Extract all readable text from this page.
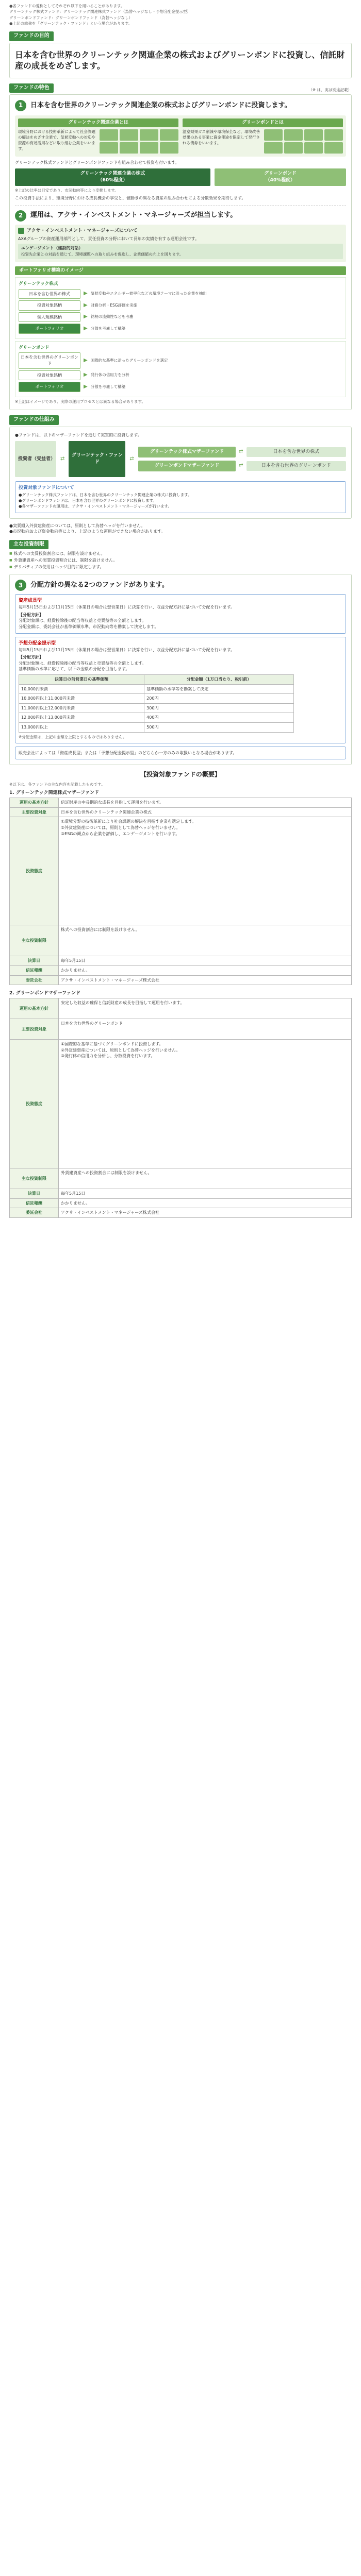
●各ファンドの愛称としてそれぞれ以下を用いることがあります。
グリーンテック株式ファンド：グリーンテック関連株式ファンド（為替ヘッジなし・予想分配金提示型）
グリーンボンドファンド：グリーンボンドファンド（為替ヘッジなし）
●上記の総称を「グリーンテック・ファンド」という場合があります。
ファンドの目的
日本を含む世界のクリーンテック関連企業の株式およびグリーンボンドに投資し、信託財産の成長をめざします。
ファンドの特色	（※ は、実は別途記載）
1	日本を含む世界のクリーンテック関連企業の株式およびグリーンボンドに投資します。
グリーンテック関連企業とは
環境分野における技術革新によって社会課題の解決をめざす企業で、気候変動への対応や資源の有効活用などに取り組む企業をいいます。
グリーンボンドとは
温室効果ガス削減や環境保全など、環境改善効果のある事業に資金使途を限定して発行される債券をいいます。
グリーンテック株式ファンドとグリーンボンドファンドを組み合わせて投資を行います。
グリーンテック関連企業の株式
（60%程度）
グリーンボンド
（40%程度）
※上記の比率は目安であり、市況動向等により変動します。
この投資手法により、環境分野における成長機会の享受と、値動きの異なる資産の組み合わせによる分散効果を期待します。
2	運用は、アクサ・インベストメント・マネージャーズが担当します。
アクサ・インベストメント・マネージャーズについて
AXAグループの資産運用部門として、責任投資の分野において長年の実績を有する運用会社です。
エンゲージメント（建設的対話）
投資先企業との対話を通じて、環境課題への取り組みを促進し、企業価値の向上を図ります。
ポートフォリオ構築のイメージ
グリーンテック株式
日本を含む世界の株式	▶ 気候変動やエネルギー効率化などの環境テーマに沿った企業を抽出
投資対象銘柄	▶ 財務分析・ESG評価を実施
個人規模銘柄	▶ 銘柄の流動性などを考慮
ポートフォリオ	▶ 分散を考慮して構築
グリーンボンド
日本を含む世界のグリーンボンド
▶ 国際的な基準に沿ったグリーンボンドを選定
投資対象銘柄	▶ 発行体の信用力を分析
ポートフォリオ	▶ 分散を考慮して構築
※上記はイメージであり、実際の運用プロセスとは異なる場合があります。
ファンドの仕組み
●ファンドは、以下のマザーファンドを通じて実質的に投資します。
投資者（受益者） ⇄
グリーンテック・ファンド
⇄
グリーンテック株式マザーファンド	⇄	日本を含む世界の株式
グリーンボンドマザーファンド	⇄	日本を含む世界のグリーンボンド
投資対象ファンドについて
●グリーンテック株式ファンドは、日本を含む世界のクリーンテック関連企業の株式に投資します。
●グリーンボンドファンドは、日本を含む世界のグリーンボンドに投資します。
●各マザーファンドの運用は、アクサ・インベストメント・マネージャーズが行います。
●実質組入外貨建資産については、原則として為替ヘッジを行いません。
●市況動向および資金動向等により、上記のような運用ができない場合があります。
主な投資制限
■ 株式への実質投資割合には、制限を設けません。
■ 外貨建資産への実質投資割合には、制限を設けません。
■ デリバティブの使用はヘッジ目的に限定します。
3	分配方針の異なる2つのファンドがあります。
資産成長型
毎年5月15日および11月15日（休業日の場合は翌営業日）に決算を行い、収益分配方針に基づいて分配を行います。
【分配方針】
分配対象額は、経費控除後の配当等収益と売買益等の全額とします。
分配金額は、委託会社が基準価額水準、市況動向等を勘案して決定します。
予想分配金提示型
毎年5月15日および11月15日（休業日の場合は翌営業日）に決算を行い、収益分配方針に基づいて分配を行います。
【分配方針】
分配対象額は、経費控除後の配当等収益と売買益等の全額とします。
基準価額の水準に応じて、以下の金額の分配を目指します。
決算日の前営業日の基準価額	分配金額（1万口当たり、税引前）
10,000円未満	基準価額の水準等を勘案して決定
10,000円以上11,000円未満	200円
11,000円以上12,000円未満	300円
12,000円以上13,000円未満	400円
13,000円以上	500円
※分配金額は、上記の金額を上限とするものではありません。
販売会社によっては「資産成長型」または「予想分配金提示型」のどちらか一方のみの取扱いとなる場合があります。
【投資対象ファンドの概要】
※以下は、各ファンドの主な内容を記載したものです。
1. グリーンテック関連株式マザーファンド
運用の基本方針	信託財産の中長期的な成長を目指して運用を行います。
主要投資対象	日本を含む世界のクリーンテック関連企業の株式
投資態度	①環境分野の技術革新により社会課題の解決を目指す企業を選定します。
②外貨建資産については、原則として為替ヘッジを行いません。
③ESGの観点から企業を評価し、エンゲージメントを行います。
主な投資制限	株式への投資割合には制限を設けません。
決算日	毎年5月15日
信託報酬	かかりません。
委託会社	アクサ・インベストメント・マネージャーズ株式会社
2. グリーンボンドマザーファンド
運用の基本方針	安定した収益の確保と信託財産の成長を目指して運用を行います。
主要投資対象	日本を含む世界のグリーンボンド
投資態度	①国際的な基準に基づくグリーンボンドに投資します。
②外貨建資産については、原則として為替ヘッジを行いません。
③発行体の信用力を分析し、分散投資を行います。
主な投資制限	外貨建資産への投資割合には制限を設けません。
決算日	毎年5月15日
信託報酬	かかりません。
委託会社	アクサ・インベストメント・マネージャーズ株式会社
